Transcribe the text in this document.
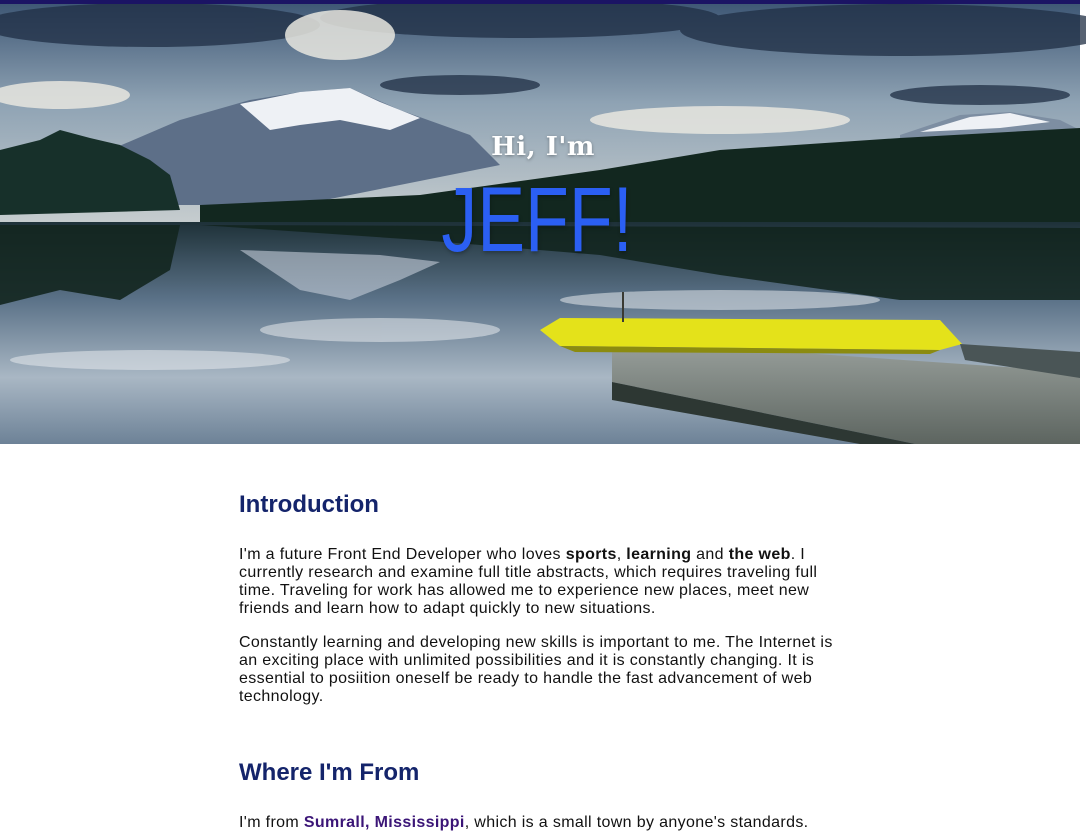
Hi, I'm
JEFF!
Introduction

I'm a future Front End Developer who loves sports, learning and the web. I currently research and examine full title abstracts, which requires traveling full time. Traveling for work has allowed me to experience new places, meet new friends and learn how to adapt quickly to new situations.

Constantly learning and developing new skills is important to me. The Internet is an exciting place with unlimited possibilities and it is constantly changing. It is essential to posiition oneself be ready to handle the fast advancement of web technology.

Where I'm From

I'm from Sumrall, Mississippi, which is a small town by anyone's standards.
